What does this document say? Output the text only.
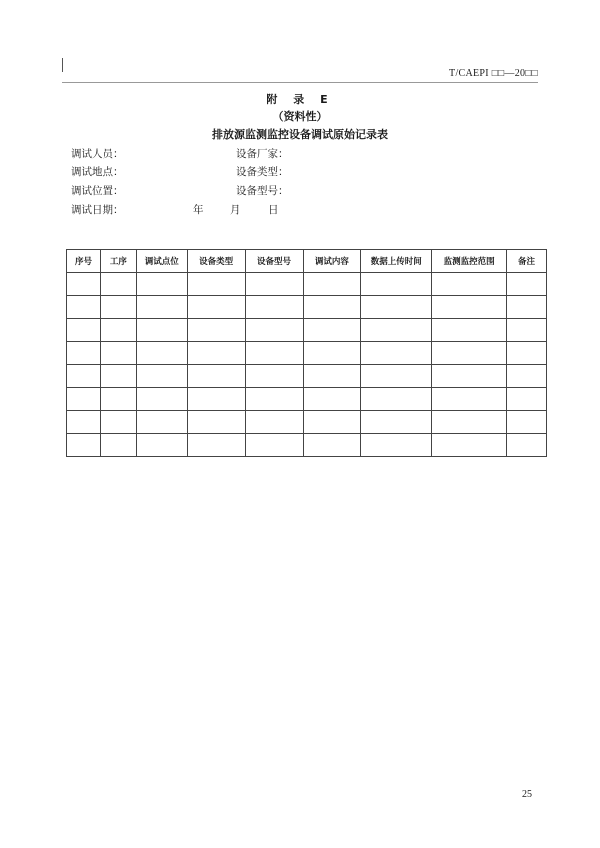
T/CAEPI □□—20□□
附 录 E
（资料性）
排放源监测监控设备调试原始记录表
调试人员：	设备厂家：
调试地点：	设备类型：
调试位置：	设备型号：
调试日期：	年	月	日
序号	工序	调试点位	设备类型	设备型号	调试内容	数据上传时间	监测监控范围	备注

25
